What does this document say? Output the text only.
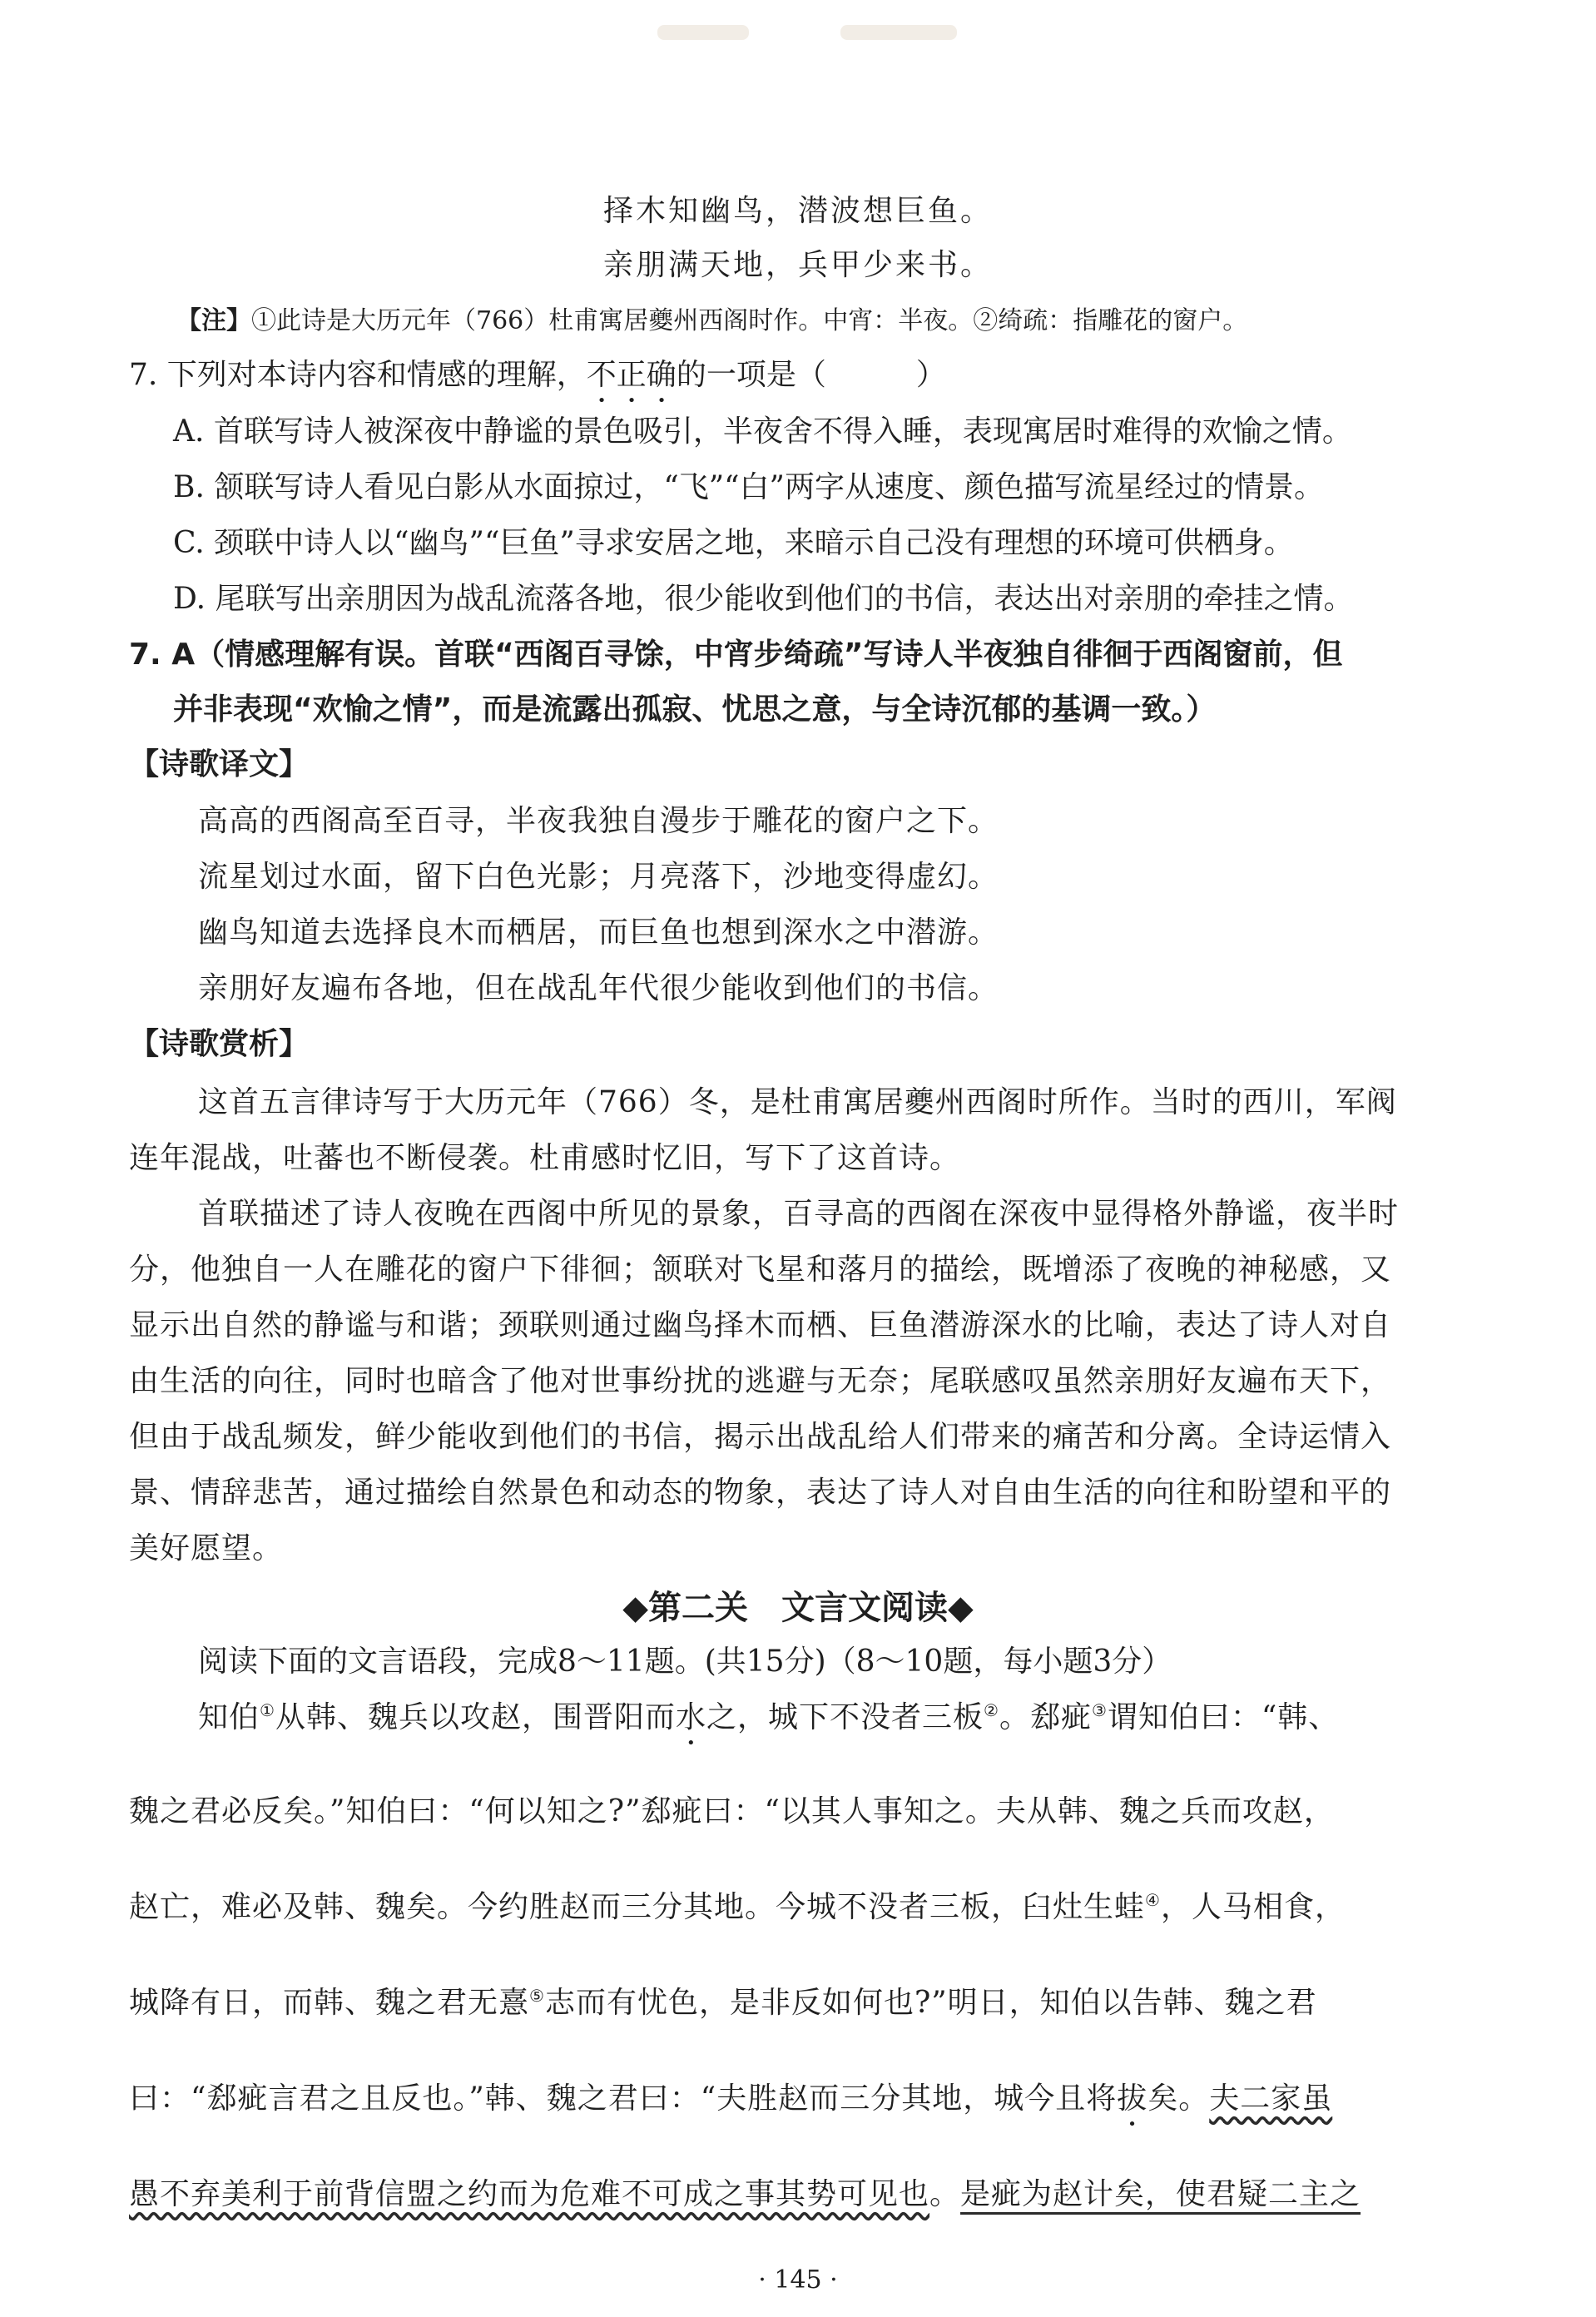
择木知幽鸟，潜波想巨鱼。
亲朋满天地，兵甲少来书。
【注】①此诗是大历元年（766）杜甫寓居夔州西阁时作。中宵：半夜。②绮疏：指雕花的窗户。
7. 下列对本诗内容和情感的理解，不正确的一项是（　　　）
A. 首联写诗人被深夜中静谧的景色吸引，半夜舍不得入睡，表现寓居时难得的欢愉之情。
B. 颔联写诗人看见白影从水面掠过，“飞”“白”两字从速度、颜色描写流星经过的情景。
C. 颈联中诗人以“幽鸟”“巨鱼”寻求安居之地，来暗示自己没有理想的环境可供栖身。
D. 尾联写出亲朋因为战乱流落各地，很少能收到他们的书信，表达出对亲朋的牵挂之情。
7. A（情感理解有误。首联“西阁百寻馀，中宵步绮疏”写诗人半夜独自徘徊于西阁窗前，但
并非表现“欢愉之情”，而是流露出孤寂、忧思之意，与全诗沉郁的基调一致。）
【诗歌译文】
高高的西阁高至百寻，半夜我独自漫步于雕花的窗户之下。
流星划过水面，留下白色光影；月亮落下，沙地变得虚幻。
幽鸟知道去选择良木而栖居，而巨鱼也想到深水之中潜游。
亲朋好友遍布各地，但在战乱年代很少能收到他们的书信。
【诗歌赏析】
这首五言律诗写于大历元年（766）冬，是杜甫寓居夔州西阁时所作。当时的西川，军阀
连年混战，吐蕃也不断侵袭。杜甫感时忆旧，写下了这首诗。
首联描述了诗人夜晚在西阁中所见的景象，百寻高的西阁在深夜中显得格外静谧，夜半时
分，他独自一人在雕花的窗户下徘徊；颔联对飞星和落月的描绘，既增添了夜晚的神秘感，又
显示出自然的静谧与和谐；颈联则通过幽鸟择木而栖、巨鱼潜游深水的比喻，表达了诗人对自
由生活的向往，同时也暗含了他对世事纷扰的逃避与无奈；尾联感叹虽然亲朋好友遍布天下，
但由于战乱频发，鲜少能收到他们的书信，揭示出战乱给人们带来的痛苦和分离。全诗运情入
景、情辞悲苦，通过描绘自然景色和动态的物象，表达了诗人对自由生活的向往和盼望和平的
美好愿望。
◆第二关　文言文阅读◆
阅读下面的文言语段，完成8～11题。(共15分)（8～10题，每小题3分）
知伯①从韩、魏兵以攻赵，围晋阳而水之，城下不没者三板②。郄疵③谓知伯曰：“韩、
魏之君必反矣。”知伯曰：“何以知之?”郄疵曰：“以其人事知之。夫从韩、魏之兵而攻赵，
赵亡，难必及韩、魏矣。今约胜赵而三分其地。今城不没者三板，臼灶生蛙④，人马相食，
城降有日，而韩、魏之君无憙⑤志而有忧色，是非反如何也?”明日，知伯以告韩、魏之君
曰：“郄疵言君之且反也。”韩、魏之君曰：“夫胜赵而三分其地，城今且将拔矣。夫二家虽
愚不弃美利于前背信盟之约而为危难不可成之事其势可见也。是疵为赵计矣，使君疑二主之
· 145 ·
